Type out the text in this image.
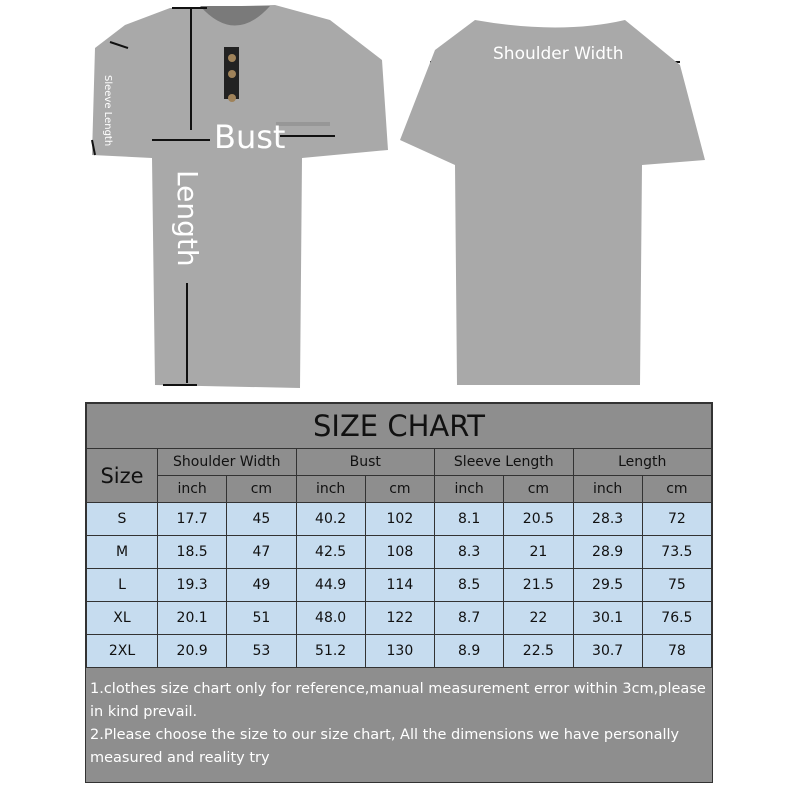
Bust
Length
Sleeve Length
Shoulder Width
SIZE CHART								
Size	Shoulder Width		Bust		Sleeve Length		Length	
	inch	cm	inch	cm	inch	cm	inch	cm
S	17.7	45	40.2	102	8.1	20.5	28.3	72
M	18.5	47	42.5	108	8.3	21	28.9	73.5
L	19.3	49	44.9	114	8.5	21.5	29.5	75
XL	20.1	51	48.0	122	8.7	22	30.1	76.5
2XL	20.9	53	51.2	130	8.9	22.5	30.7	78
1.clothes size chart only for reference,manual measurement error within 3cm,please in kind prevail.
2.Please choose the size to our size chart, All the dimensions we have personally measured and reality try
